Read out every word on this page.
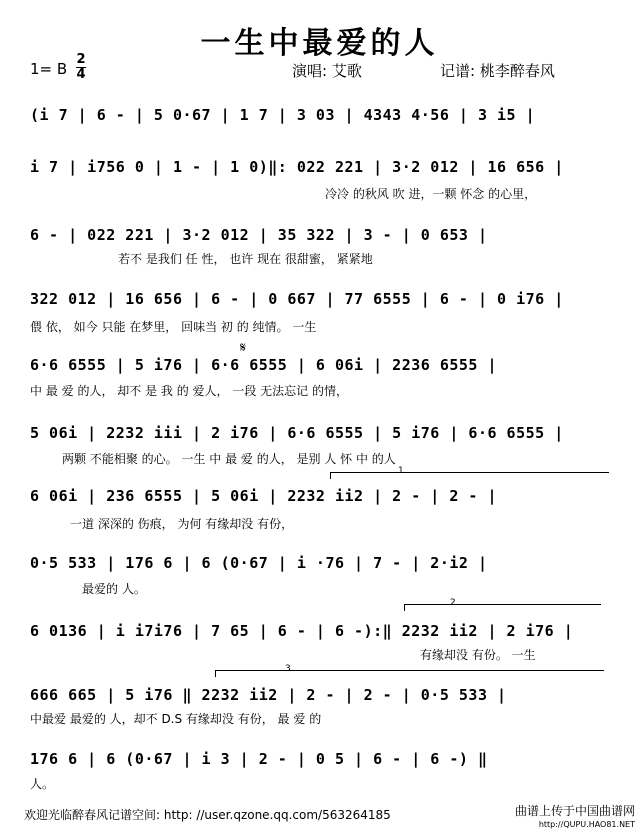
一生中最爱的人
1= B
2
4	演唱: 艾歌	记谱: 桃李醉春风
(i 7 | 6 - | 5 0·67 | 1 7 | 3 03 | 4343 4·56 | 3 i5 |
i 7 | i756 0 | 1 - | 1 0)‖: 022 221 | 3·2 012 | 16 656 |
冷冷 的秋风 吹 进，一颗 怀念 的心里，
6 - | 022 221 | 3·2 012 | 35 322 | 3 - | 0 653 |
若不 是我们 任 性， 也许 现在 很甜蜜， 紧紧地
322 012 | 16 656 | 6 - | 0 667 | 77 6555 | 6 - | 0 i76 |
偎 依， 如今 只能 在梦里， 回味当 初 的 纯情。 一生
6·6 6555 | 5 i76 | 6·6 6555 | 6 06i | 2236 6555 |
中 最 爱 的人， 却不 是 我 的 爱人， 一段 无法忘记 的情，
𝄋
5 06i | 2232 iii | 2 i76 | 6·6 6555 | 5 i76 | 6·6 6555 |
两颗 不能相聚 的心。 一生 中 最 爱 的人， 是别 人 怀 中 的人
6 06i | 236 6555 | 5 06i | 2232 ii2 | 2 - | 2 - |
一道 深深的 伤痕， 为何 有缘却没 有份，
1
0·5 533 | 176 6 | 6 (0·67 | i ·76 | 7 - | 2·i2 |
最爱的 人。
6 0136 | i i7i76 | 7 65 | 6 - | 6 -):‖ 2232 ii2 | 2 i76 |
有缘却没 有份。 一生
2
666 665 | 5 i76 ‖ 2232 ii2 | 2 - | 2 - | 0·5 533 |
中最爱 最爱的 人，却不 D.S 有缘却没 有份， 最 爱 的
3
176 6 | 6 (0·67 | i 3 | 2 - | 0 5 | 6 - | 6 -) ‖
人。
欢迎光临醉春风记谱空间: http: //user.qzone.qq.com/563264185	曲谱上传于中国曲谱网
http://QUPU.HAO81.NET
